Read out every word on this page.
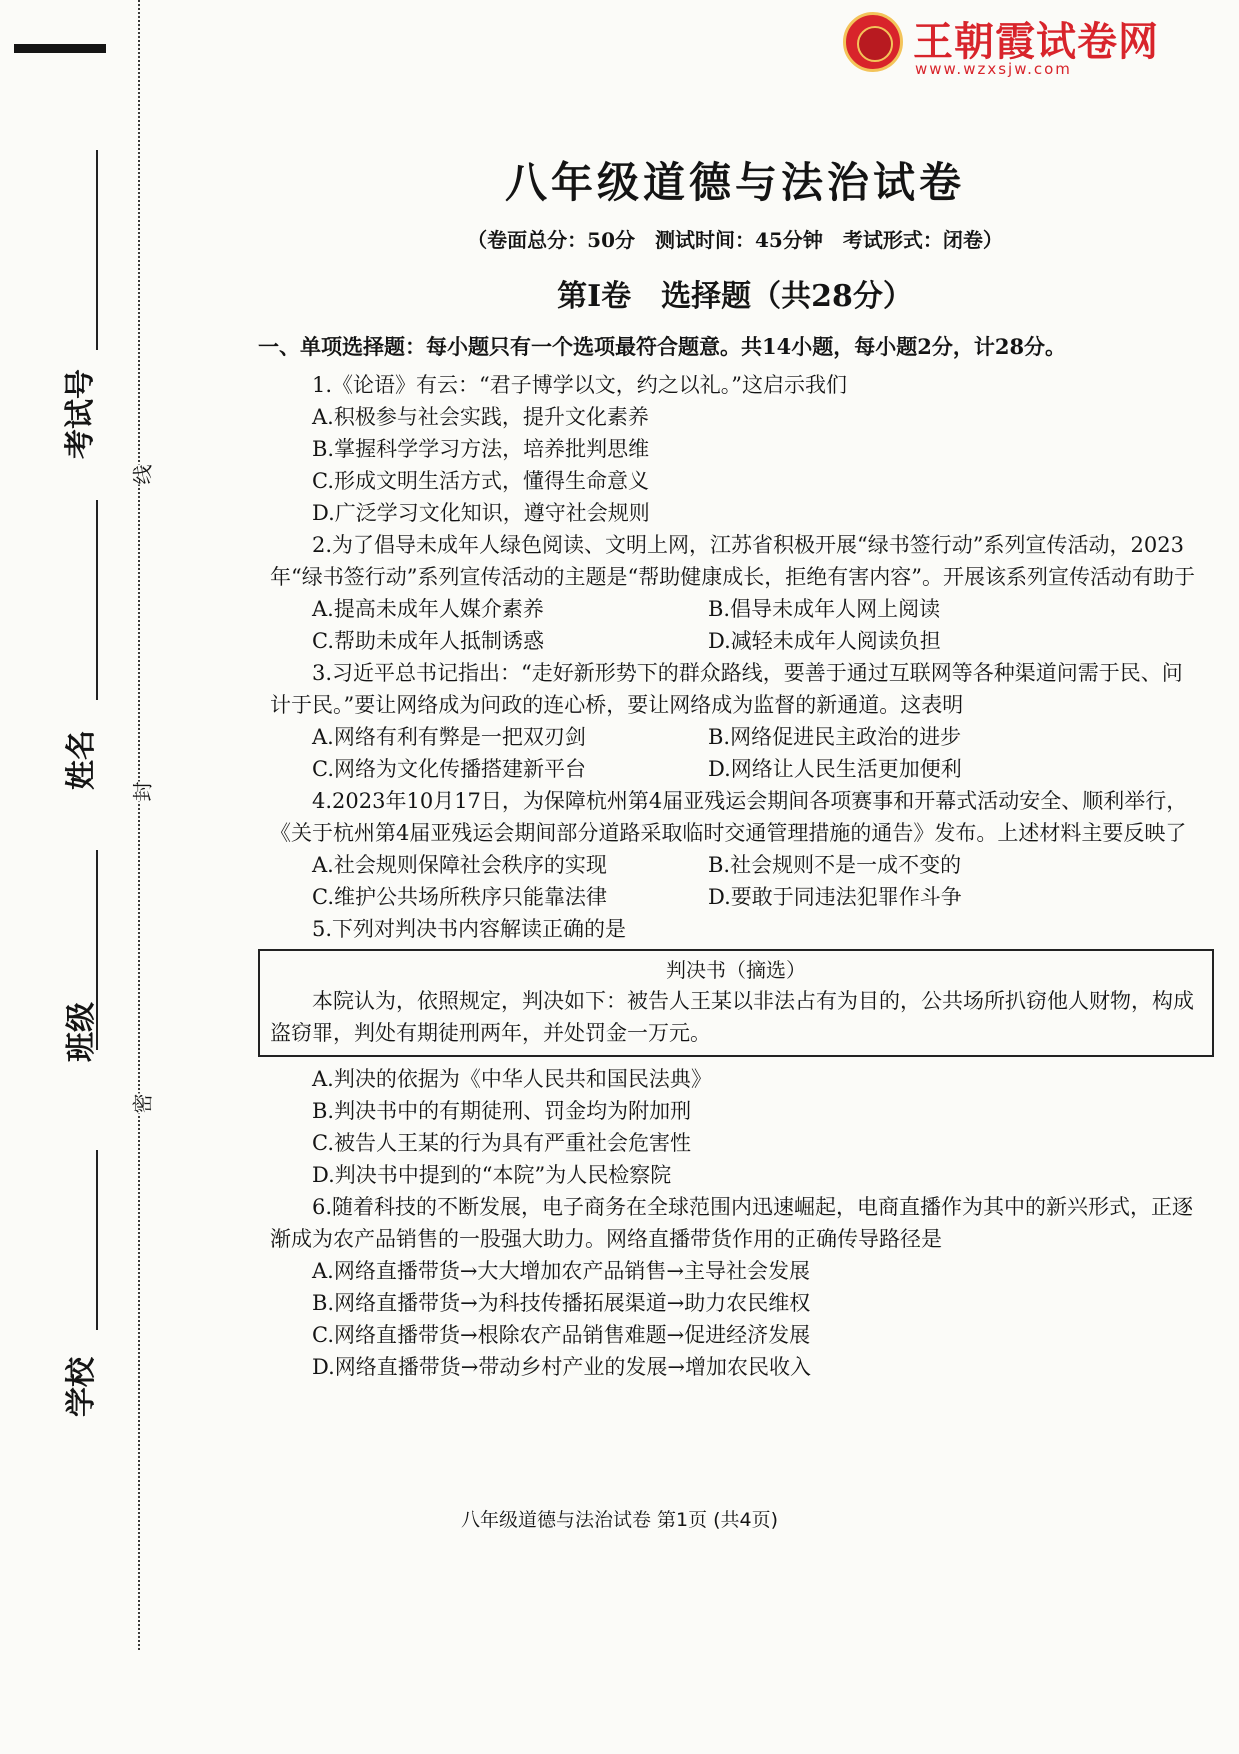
考试号
姓名
班级
学校
线
封
密
王朝霞试卷网
www.wzxsjw.com
八年级道德与法治试卷
（卷面总分：50分　测试时间：45分钟　考试形式：闭卷）
第Ⅰ卷　选择题（共28分）
一、单项选择题：每小题只有一个选项最符合题意。共14小题，每小题2分，计28分。
1.《论语》有云：“君子博学以文，约之以礼。”这启示我们
A.积极参与社会实践，提升文化素养
B.掌握科学学习方法，培养批判思维
C.形成文明生活方式，懂得生命意义
D.广泛学习文化知识，遵守社会规则
2.为了倡导未成年人绿色阅读、文明上网，江苏省积极开展“绿书签行动”系列宣传活动，2023年“绿书签行动”系列宣传活动的主题是“帮助健康成长，拒绝有害内容”。开展该系列宣传活动有助于
A.提高未成年人媒介素养	B.倡导未成年人网上阅读
C.帮助未成年人抵制诱惑	D.减轻未成年人阅读负担
3.习近平总书记指出：“走好新形势下的群众路线，要善于通过互联网等各种渠道问需于民、问计于民。”要让网络成为问政的连心桥，要让网络成为监督的新通道。这表明
A.网络有利有弊是一把双刃剑	B.网络促进民主政治的进步
C.网络为文化传播搭建新平台	D.网络让人民生活更加便利
4.2023年10月17日，为保障杭州第4届亚残运会期间各项赛事和开幕式活动安全、顺利举行，《关于杭州第4届亚残运会期间部分道路采取临时交通管理措施的通告》发布。上述材料主要反映了
A.社会规则保障社会秩序的实现	B.社会规则不是一成不变的
C.维护公共场所秩序只能靠法律	D.要敢于同违法犯罪作斗争
5.下列对判决书内容解读正确的是
判决书（摘选）
本院认为，依照规定，判决如下：被告人王某以非法占有为目的，公共场所扒窃他人财物，构成盗窃罪，判处有期徒刑两年，并处罚金一万元。
A.判决的依据为《中华人民共和国民法典》
B.判决书中的有期徒刑、罚金均为附加刑
C.被告人王某的行为具有严重社会危害性
D.判决书中提到的“本院”为人民检察院
6.随着科技的不断发展，电子商务在全球范围内迅速崛起，电商直播作为其中的新兴形式，正逐渐成为农产品销售的一股强大助力。网络直播带货作用的正确传导路径是
A.网络直播带货→大大增加农产品销售→主导社会发展
B.网络直播带货→为科技传播拓展渠道→助力农民维权
C.网络直播带货→根除农产品销售难题→促进经济发展
D.网络直播带货→带动乡村产业的发展→增加农民收入
八年级道德与法治试卷 第1页 (共4页)
